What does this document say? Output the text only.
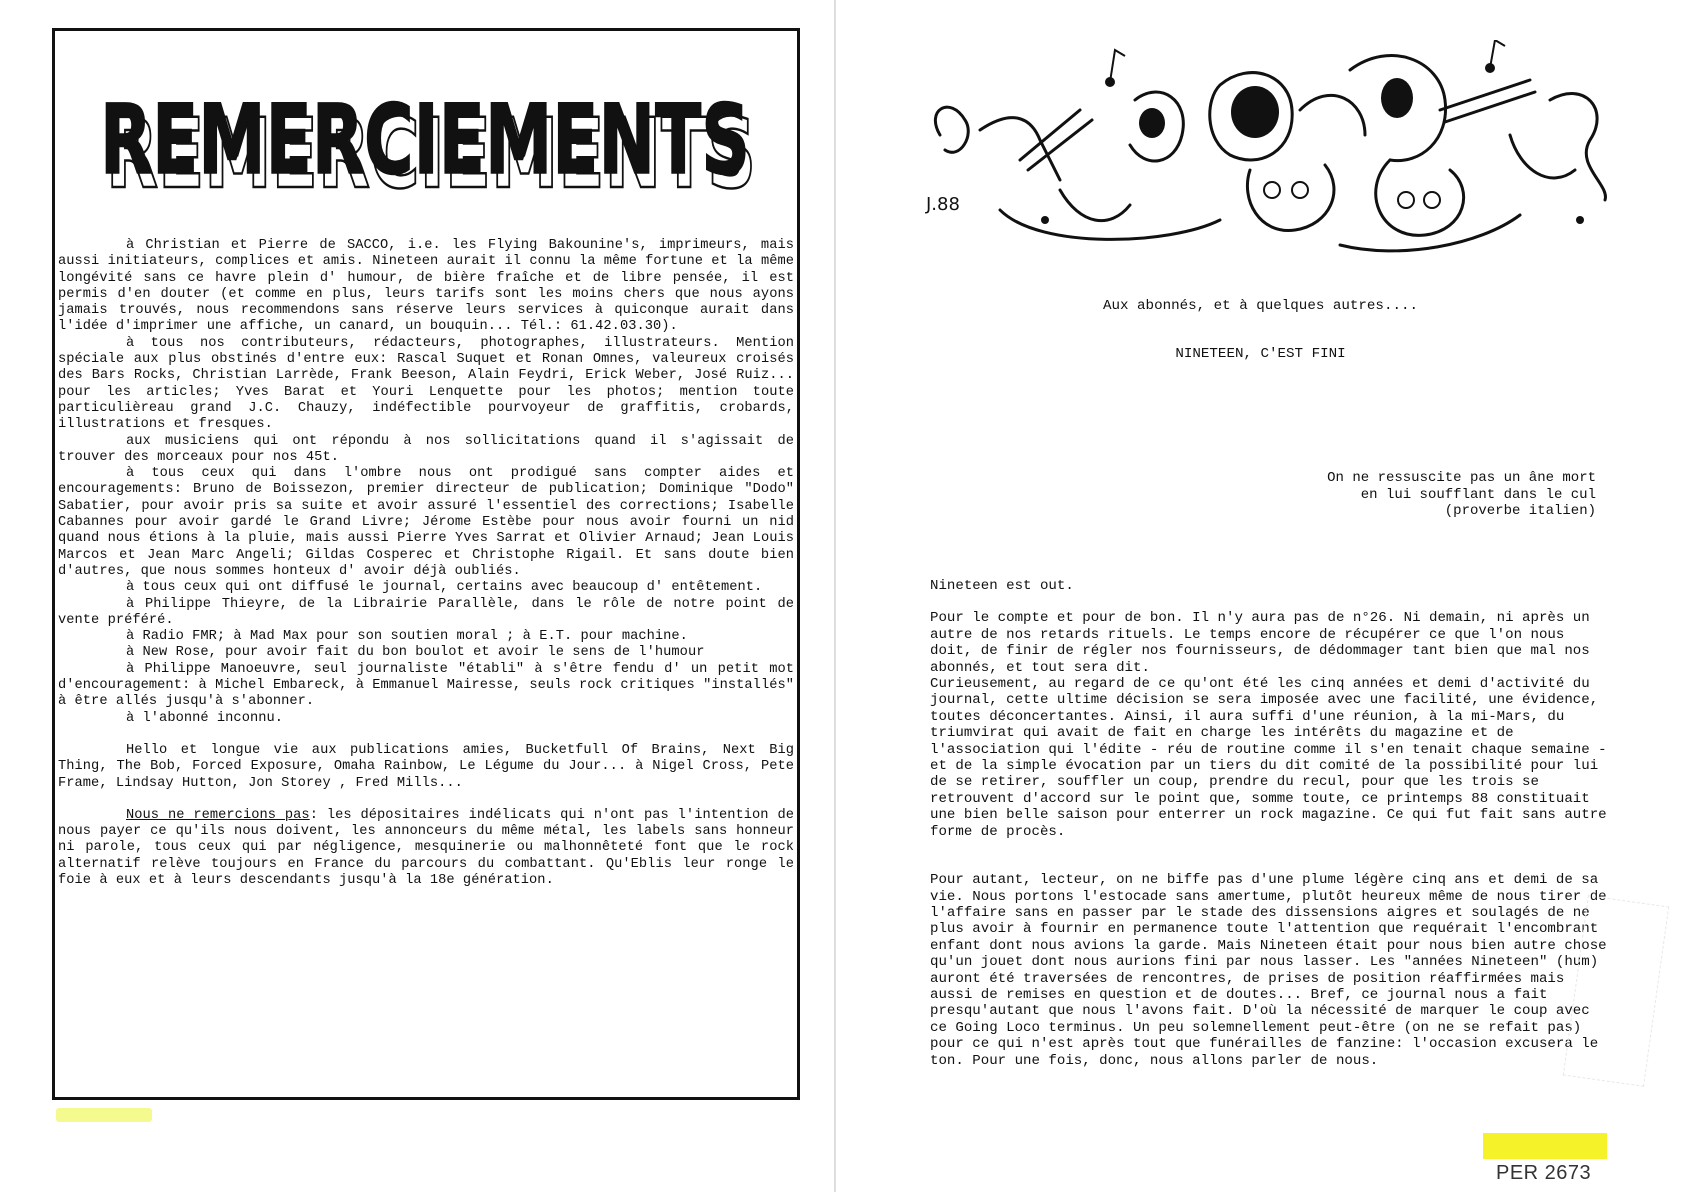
REMERCIEMENTS
REMERCIEMENTS

à Christian et Pierre de SACCO, i.e. les Flying Bakounine's, imprimeurs, mais aussi initiateurs, complices et amis. Nineteen aurait il connu la même fortune et la même longévité sans ce havre plein d' humour, de bière fraîche et de libre pensée, il est permis d'en douter (et comme en plus, leurs tarifs sont les moins chers que nous ayons jamais trouvés, nous recommendons sans réserve leurs services à quiconque aurait dans l'idée d'imprimer une affiche, un canard, un bouquin... Tél.: 61.42.03.30).

à tous nos contributeurs, rédacteurs, photographes, illustrateurs. Mention spéciale aux plus obstinés d'entre eux: Rascal Suquet et Ronan Omnes, valeureux croisés des Bars Rocks, Christian Larrède, Frank Beeson, Alain Feydri, Erick Weber, José Ruiz... pour les articles; Yves Barat et Youri Lenquette pour les photos; mention toute particulièreau grand J.C. Chauzy, indéfectible pourvoyeur de graffitis, crobards, illustrations et fresques.

aux musiciens qui ont répondu à nos sollicitations quand il s'agissait de trouver des morceaux pour nos 45t.

à tous ceux qui dans l'ombre nous ont prodigué sans compter aides et encouragements: Bruno de Boissezon, premier directeur de publication; Dominique "Dodo" Sabatier, pour avoir pris sa suite et avoir assuré l'essentiel des corrections; Isabelle Cabannes pour avoir gardé le Grand Livre; Jérome Estèbe pour nous avoir fourni un nid quand nous étions à la pluie, mais aussi Pierre Yves Sarrat et Olivier Arnaud; Jean Louis Marcos et Jean Marc Angeli; Gildas Cosperec et Christophe Rigail. Et sans doute bien d'autres, que nous sommes honteux d' avoir déjà oubliés.

à tous ceux qui ont diffusé le journal, certains avec beaucoup d' entêtement.

à Philippe Thieyre, de la Librairie Parallèle, dans le rôle de notre point de vente préféré.

à Radio FMR; à Mad Max pour son soutien moral ; à E.T. pour machine.

à New Rose, pour avoir fait du bon boulot et avoir le sens de l'humour

à Philippe Manoeuvre, seul journaliste "établi" à s'être fendu d' un petit mot d'encouragement: à Michel Embareck, à Emmanuel Mairesse, seuls rock critiques "installés" à être allés jusqu'à s'abonner.

à l'abonné inconnu.

Hello et longue vie aux publications amies, Bucketfull Of Brains, Next Big Thing, The Bob, Forced Exposure, Omaha Rainbow, Le Légume du Jour... à Nigel Cross, Pete Frame, Lindsay Hutton, Jon Storey , Fred Mills...

Nous ne remercions pas: les dépositaires indélicats qui n'ont pas l'intention de nous payer ce qu'ils nous doivent, les annonceurs du même métal, les labels sans honneur ni parole, tous ceux qui par négligence, mesquinerie ou malhonnêteté font que le rock alternatif relève toujours en France du parcours du combattant. Qu'Eblis leur ronge le foie à eux et à leurs descendants jusqu'à la 18e génération.

J.88
Aux abonnés, et à quelques autres....
NINETEEN, C'EST FINI
On ne ressuscite pas un âne mort
en lui soufflant dans le cul
(proverbe italien)

Nineteen est out.

Pour le compte et pour de bon. Il n'y aura pas de n°26. Ni demain, ni après un autre de nos retards rituels. Le temps encore de récupérer ce que l'on nous doit, de finir de régler nos fournisseurs, de dédommager tant bien que mal nos abonnés, et tout sera dit.

Curieusement, au regard de ce qu'ont été les cinq années et demi d'activité du journal, cette ultime décision se sera imposée avec une facilité, une évidence, toutes déconcertantes. Ainsi, il aura suffi d'une réunion, à la mi-Mars, du triumvirat qui avait de fait en charge les intérêts du magazine et de l'association qui l'édite - réu de routine comme il s'en tenait chaque semaine - et de la simple évocation par un tiers du dit comité de la possibilité pour lui de se retirer, souffler un coup, prendre du recul, pour que les trois se retrouvent d'accord sur le point que, somme toute, ce printemps 88 constituait une bien belle saison pour enterrer un rock magazine. Ce qui fut fait sans autre forme de procès.

Pour autant, lecteur, on ne biffe pas d'une plume légère cinq ans et demi de sa vie. Nous portons l'estocade sans amertume, plutôt heureux même de nous tirer de l'affaire sans en passer par le stade des dissensions aigres et soulagés de ne plus avoir à fournir en permanence toute l'attention que requérait l'encombrant enfant dont nous avions la garde. Mais Nineteen était pour nous bien autre chose qu'un jouet dont nous aurions fini par nous lasser. Les "années Nineteen" (hum) auront été traversées de rencontres, de prises de position réaffirmées mais aussi de remises en question et de doutes... Bref, ce journal nous a fait presqu'autant que nous l'avons fait. D'où la nécessité de marquer le coup avec ce Going Loco terminus. Un peu solemnellement peut-être (on ne se refait pas) pour ce qui n'est après tout que funérailles de fanzine: l'occasion excusera le ton. Pour une fois, donc, nous allons parler de nous.

PER 2673
